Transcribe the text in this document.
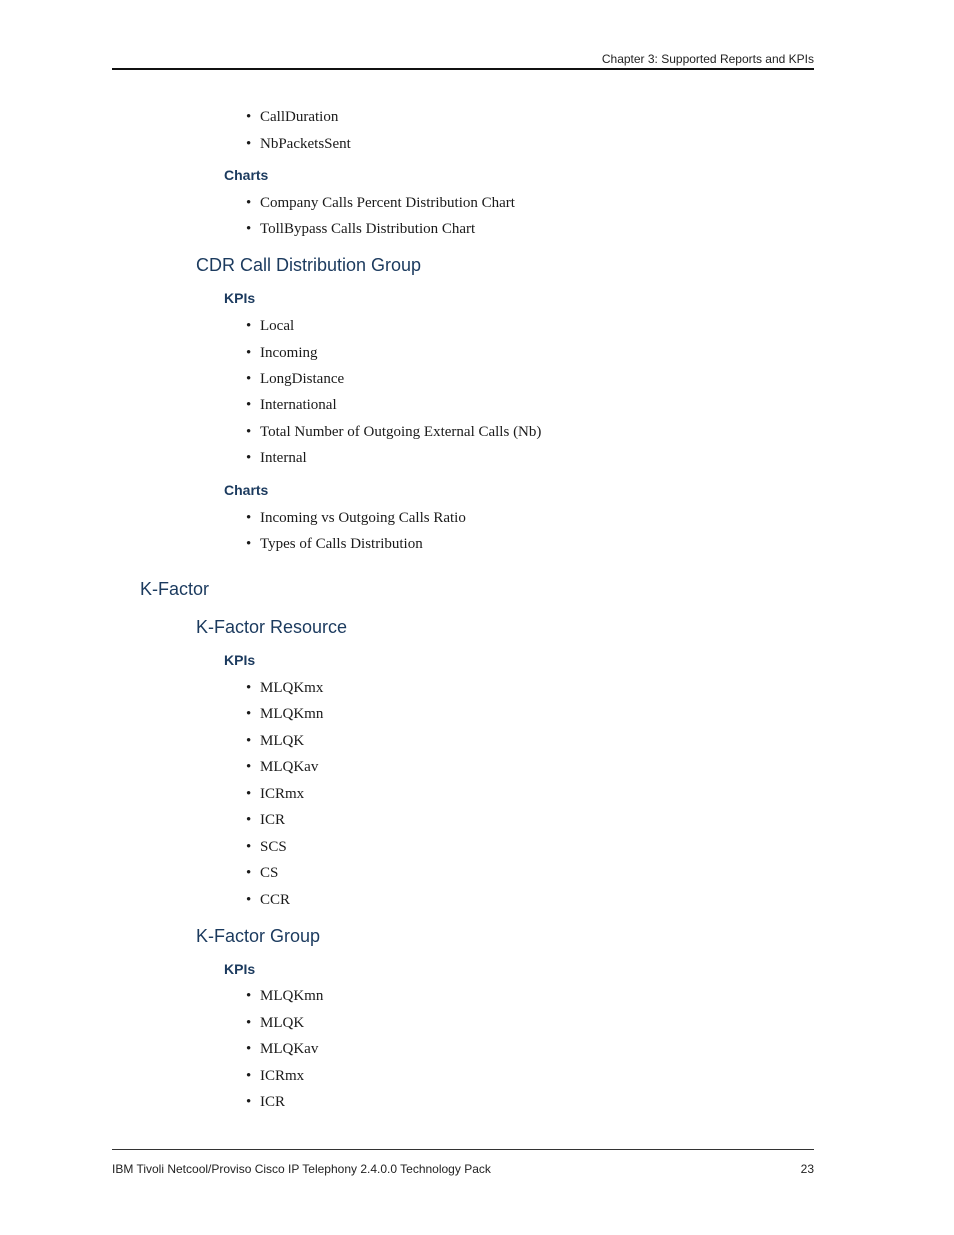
Chapter 3: Supported Reports and KPIs
• CallDuration
• NbPacketsSent
Charts
• Company Calls Percent Distribution Chart
• TollBypass Calls Distribution Chart
CDR Call Distribution Group
KPIs
• Local
• Incoming
• LongDistance
• International
• Total Number of Outgoing External Calls (Nb)
• Internal
Charts
• Incoming vs Outgoing Calls Ratio
• Types of Calls Distribution
K-Factor
K-Factor Resource
KPIs
• MLQKmx
• MLQKmn
• MLQK
• MLQKav
• ICRmx
• ICR
• SCS
• CS
• CCR
K-Factor Group
KPIs
• MLQKmn
• MLQK
• MLQKav
• ICRmx
• ICR
IBM Tivoli Netcool/Proviso Cisco IP Telephony 2.4.0.0 Technology Pack	23
